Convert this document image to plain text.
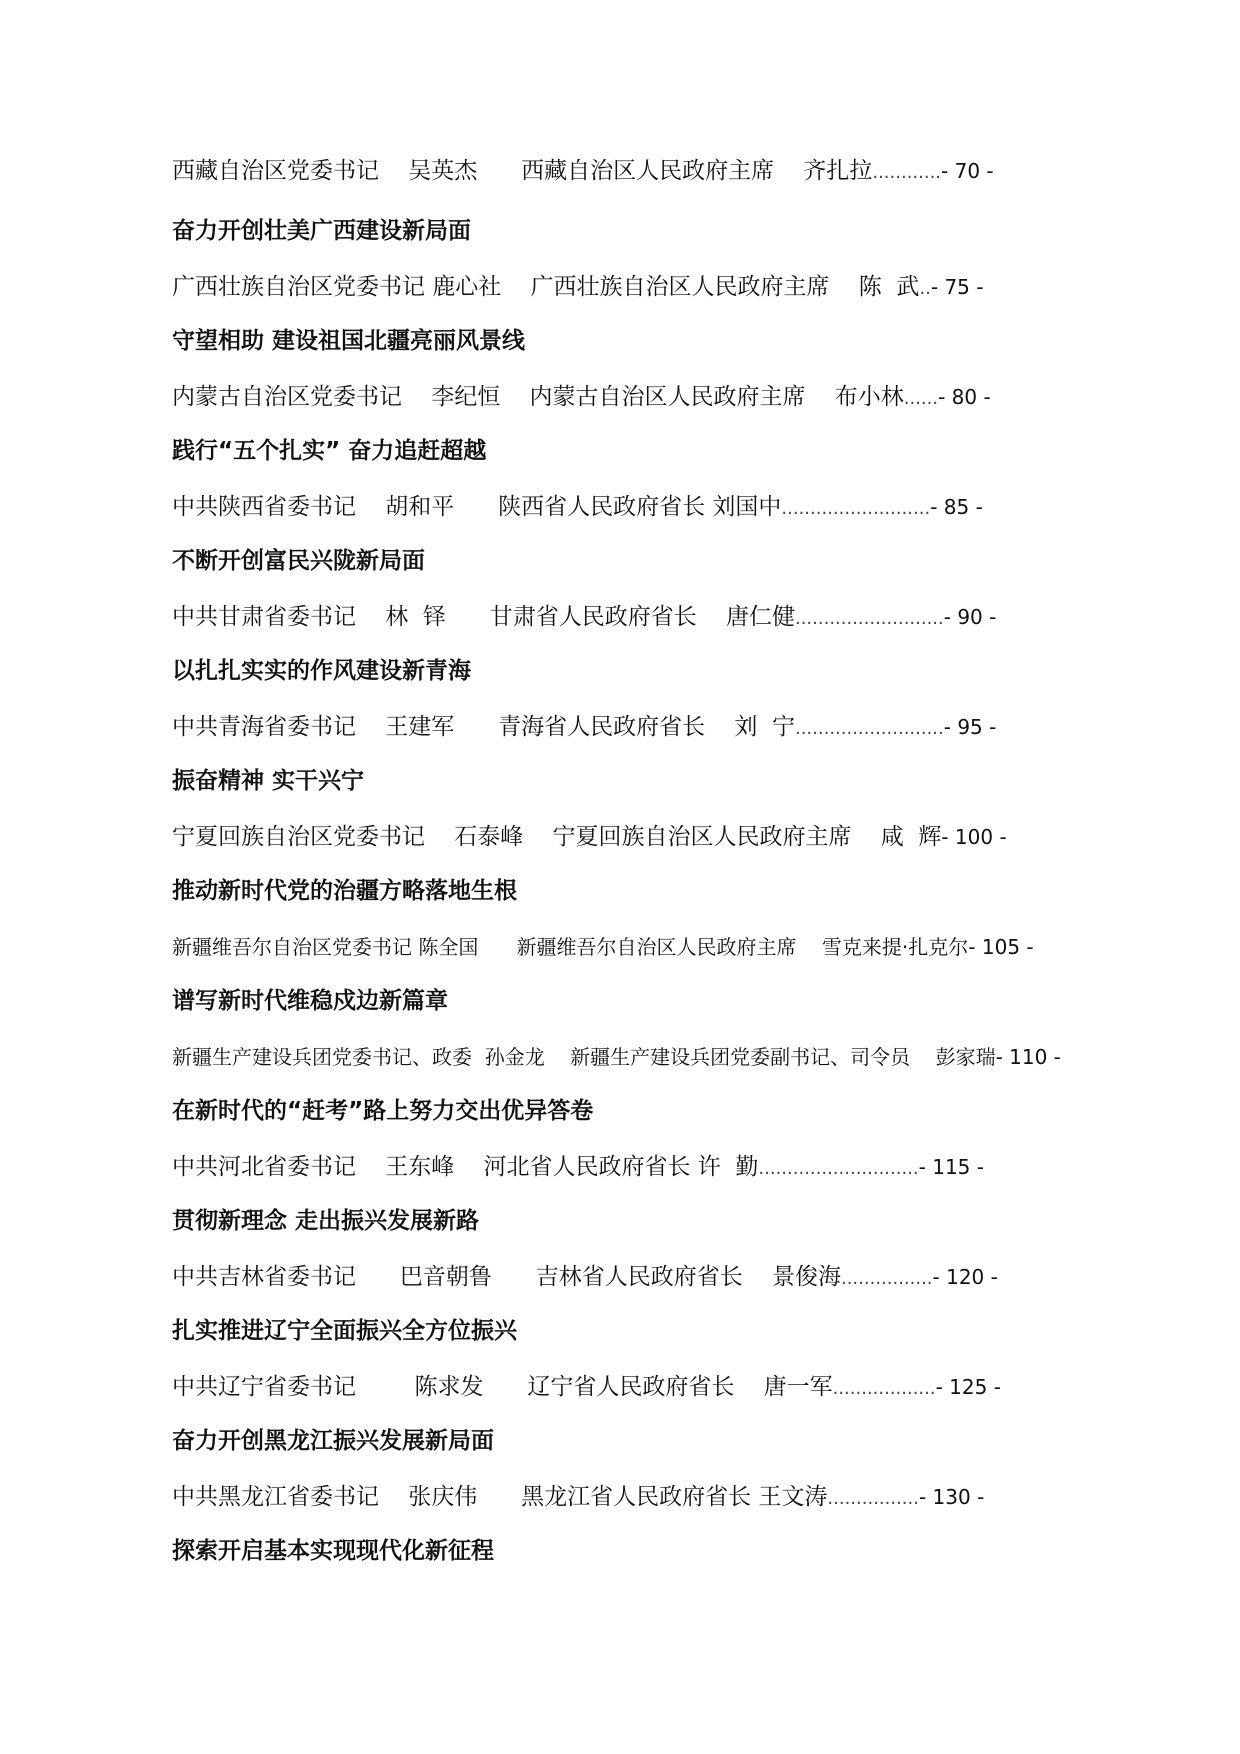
西藏自治区党委书记    吴英杰      西藏自治区人民政府主席    齐扎拉............- 70 -
奋力开创壮美广西建设新局面
广西壮族自治区党委书记 鹿心社    广西壮族自治区人民政府主席    陈  武..- 75 -
守望相助 建设祖国北疆亮丽风景线
内蒙古自治区党委书记    李纪恒    内蒙古自治区人民政府主席    布小林......- 80 -
践行“五个扎实” 奋力追赶超越
中共陕西省委书记    胡和平      陕西省人民政府省长 刘国中..........................- 85 -
不断开创富民兴陇新局面
中共甘肃省委书记    林  铎      甘肃省人民政府省长    唐仁健..........................- 90 -
以扎扎实实的作风建设新青海
中共青海省委书记    王建军      青海省人民政府省长    刘  宁..........................- 95 -
振奋精神 实干兴宁
宁夏回族自治区党委书记    石泰峰    宁夏回族自治区人民政府主席    咸  辉- 100 -
推动新时代党的治疆方略落地生根
新疆维吾尔自治区党委书记 陈全国      新疆维吾尔自治区人民政府主席    雪克来提·扎克尔- 105 -
谱写新时代维稳戍边新篇章
新疆生产建设兵团党委书记、政委  孙金龙    新疆生产建设兵团党委副书记、司令员    彭家瑞- 110 -
在新时代的“赶考”路上努力交出优异答卷
中共河北省委书记    王东峰    河北省人民政府省长 许  勤............................- 115 -
贯彻新理念 走出振兴发展新路
中共吉林省委书记      巴音朝鲁      吉林省人民政府省长    景俊海................- 120 -
扎实推进辽宁全面振兴全方位振兴
中共辽宁省委书记        陈求发      辽宁省人民政府省长    唐一军..................- 125 -
奋力开创黑龙江振兴发展新局面
中共黑龙江省委书记    张庆伟      黑龙江省人民政府省长 王文涛................- 130 -
探索开启基本实现现代化新征程
